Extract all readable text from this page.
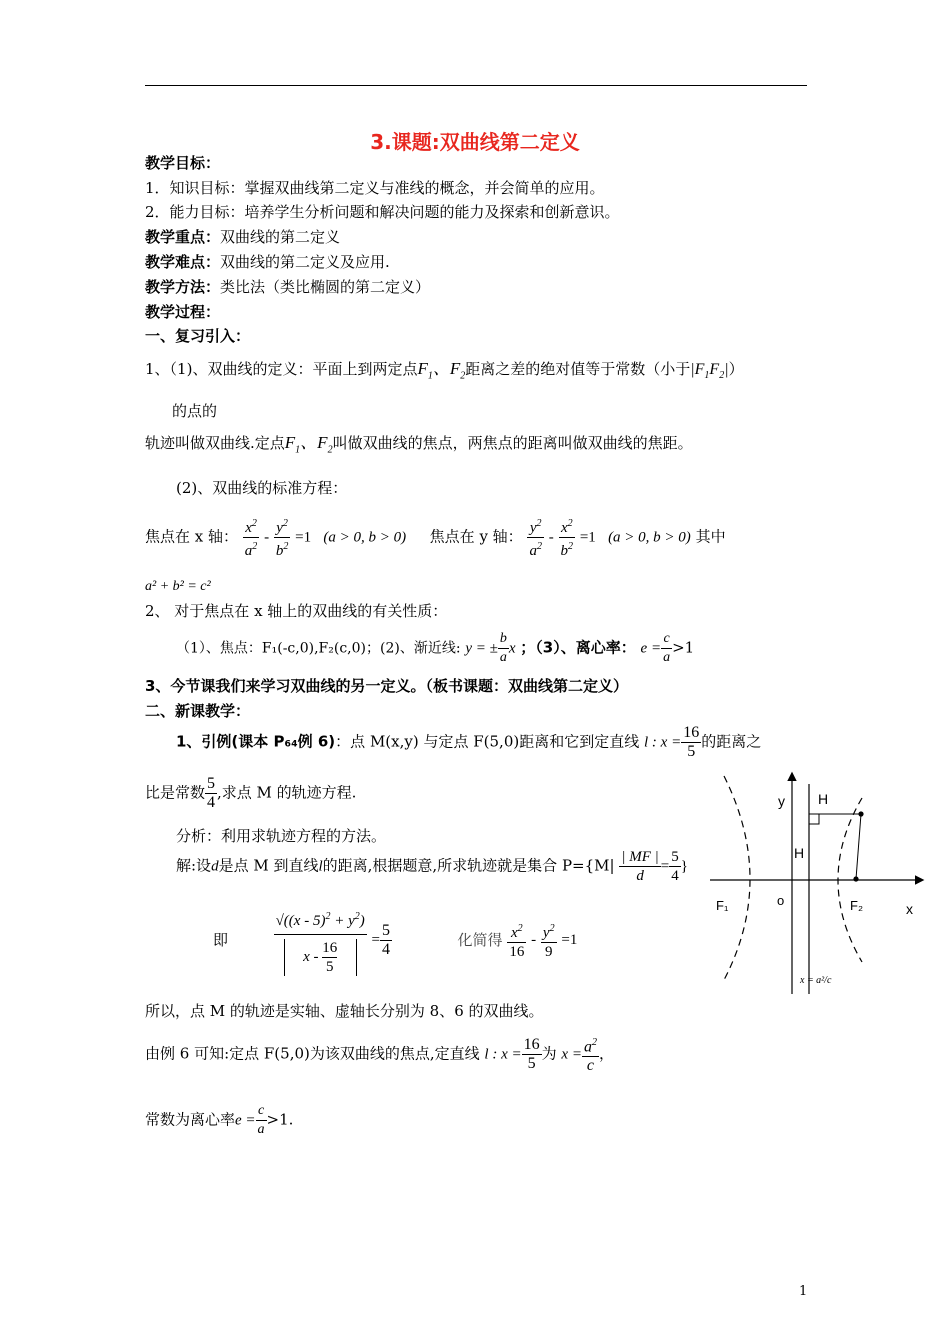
3.课题:双曲线第二定义
教学目标：
1．知识目标：掌握双曲线第二定义与准线的概念，并会简单的应用。
2．能力目标：培养学生分析问题和解决问题的能力及探索和创新意识。
教学重点：双曲线的第二定义
教学难点：双曲线的第二定义及应用.
教学方法：类比法（类比椭圆的第二定义）
教学过程：
一、复习引入：
1、（1)、双曲线的定义：平面上到两定点$F_1$、$F_2$距离之差的绝对值等于常数（小于$|F_1F_2|$）
的点的
轨迹叫做双曲线.定点$F_1$、$F_2$叫做双曲线的焦点，两焦点的距离叫做双曲线的焦距。
(2)、双曲线的标准方程：
焦点在 x 轴： $\frac{x^2}{a^2} - \frac{y^2}{b^2} =1$   (a > 0, b > 0) 焦点在 y 轴： $\frac{y^2}{a^2} - \frac{x^2}{b^2} =1$   (a > 0, b > 0) 其中
a² + b² = c²
2、 对于焦点在 x 轴上的双曲线的有关性质：
（1）、焦点：F₁(-c,0),F₂(c,0)；(2)、渐近线: y = ± $\frac{b}{a}$ x ；（3）、离心率： $e = \frac{c}{a} >1$
3、今节课我们来学习双曲线的另一定义。（板书课题：双曲线第二定义）
二、新课教学：
1、引例(课本 P₆₄例 6)：点 M(x,y) 与定点 F(5,0)距离和它到定直线 l : $x = \frac{16}{5}$ 的距离之
比是常数 $\frac{5}{4}$ ,求点 M 的轨迹方程.
分析：利用求轨迹方程的方法。
解:设d是点 M 到直线l的距离,根据题意,所求轨迹就是集合 $P=\{M| \frac{| MF |}{d} = \frac{5}{4}$ }
即	$\frac{√((x - 5)^2 + y^2)}{x - \frac{16}{5}} = \frac{5}{4}$	化简得 $\frac{x^2}{16} - \frac{y^2}{9} =1$
所以，点 M 的轨迹是实轴、虚轴长分别为 8、6 的双曲线。
由例 6 可知:定点 F(5,0)为该双曲线的焦点,定直线 l : $x = \frac{16}{5}$ 为 $x = \frac{a^2}{c}$ ，
常数为离心率$e = \frac{c}{a} >1$.
y H
H
o
x
F₁	F₂
x = a²/c
1
